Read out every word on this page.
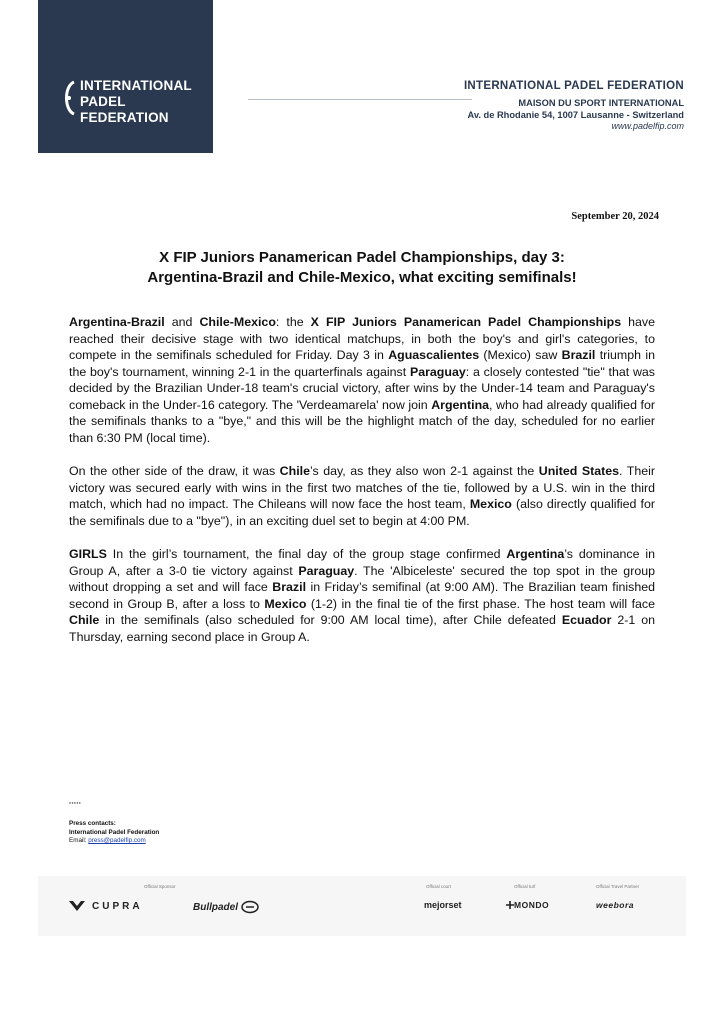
INTERNATIONAL
PADEL
FEDERATION
INTERNATIONAL PADEL FEDERATION
MAISON DU SPORT INTERNATIONAL
Av. de Rhodanie 54, 1007 Lausanne - Switzerland
www.padelfip.com
September 20, 2024
X FIP Juniors Panamerican Padel Championships, day 3:
Argentina-Brazil and Chile-Mexico, what exciting semifinals!

Argentina-Brazil and Chile-Mexico: the X FIP Juniors Panamerican Padel Championships have reached their decisive stage with two identical matchups, in both the boy's and girl's categories, to compete in the semifinals scheduled for Friday. Day 3 in Aguascalientes (Mexico) saw Brazil triumph in the boy's tournament, winning 2-1 in the quarterfinals against Paraguay: a closely contested "tie" that was decided by the Brazilian Under-18 team's crucial victory, after wins by the Under-14 team and Paraguay's comeback in the Under-16 category. The 'Verdeamarela' now join Argentina, who had already qualified for the semifinals thanks to a "bye," and this will be the highlight match of the day, scheduled for no earlier than 6:30 PM (local time).

On the other side of the draw, it was Chile’s day, as they also won 2-1 against the United States. Their victory was secured early with wins in the first two matches of the tie, followed by a U.S. win in the third match, which had no impact. The Chileans will now face the host team, Mexico (also directly qualified for the semifinals due to a "bye"), in an exciting duel set to begin at 4:00 PM.

GIRLS In the girl’s tournament, the final day of the group stage confirmed Argentina’s dominance in Group A, after a 3-0 tie victory against Paraguay. The 'Albiceleste' secured the top spot in the group without dropping a set and will face Brazil in Friday’s semifinal (at 9:00 AM). The Brazilian team finished second in Group B, after a loss to Mexico (1-2) in the final tie of the first phase. The host team will face Chile in the semifinals (also scheduled for 9:00 AM local time), after Chile defeated Ecuador 2-1 on Thursday, earning second place in Group A.

*****
Press contacts:
International Padel Federation
Email: press@padelfip.com
Official Sponsor	Official court	Official turf	Official Travel Partner
CUPRA	Bullpadel	mejorset	MONDO	weebora
